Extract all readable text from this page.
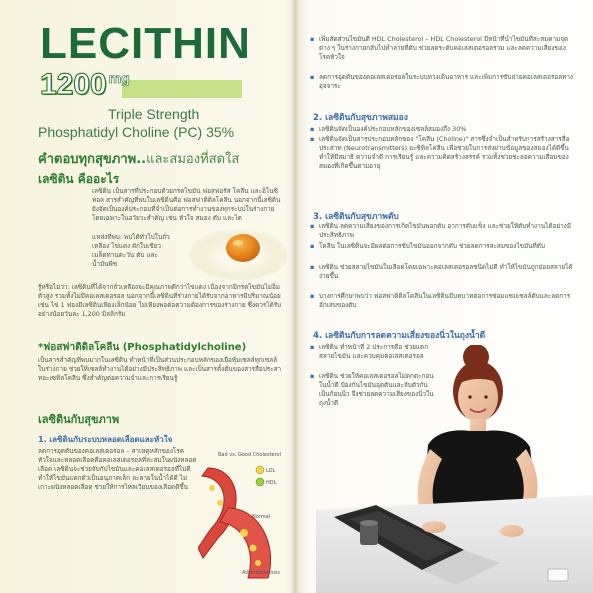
LECITHIN
1200 mg
Triple Strength
Phosphatidyl Choline (PC) 35%
คำตอบทุกสุขภาพ..และสมองที่สดใส
เลซิติน คืออะไร

เลซิติน เป็นสารที่ประกอบด้วยกรดไขมัน ฟอสฟอรัส โคลีน และอิโนซิทอล สารสำคัญที่พบในเลซิตินคือ ฟอสฟาติดิลโคลีน นอกจากนี้เลซิตินยังจัดเป็นองค์ประกอบที่จำเป็นต่อการทำงานของทุกระบบในร่างกาย โดยเฉพาะในอวัยวะสำคัญ เช่น หัวใจ สมอง ตับ และไต

แหล่งที่พบ: พบได้ทั่วไปในถั่วเหลือง ไข่แดง ผักใบเขียว เมล็ดทานตะวัน ตับ และน้ำมันพืช

รู้หรือไม่ว่า: เลซิตินที่ได้จากถั่วเหลืองจะมีคุณภาพดีกว่าไข่แดง เนื่องจากมีกรดไขมันไม่อิ่มตัวสูง รวมทั้งไม่มีคอเลสเตอรอล นอกจากนี้เลซิตินที่ร่างกายได้รับจากอาหารมีปริมาณน้อย เช่น ไข่ 1 ฟองมีเลซิตินเพียงเล็กน้อย ไม่เพียงพอต่อความต้องการของร่างกาย ซึ่งควรได้รับอย่างน้อยวันละ 1,200 มิลลิกรัม

*ฟอสฟาติดิลโคลีน (Phosphatidylcholine)

เป็นสารสำคัญที่พบมากในเลซิติน ทำหน้าที่เป็นส่วนประกอบหลักของเยื่อหุ้มเซลล์ทุกเซลล์ในร่างกาย ช่วยให้เซลล์ทำงานได้อย่างมีประสิทธิภาพ และเป็นสารตั้งต้นของสารสื่อประสาทอะเซทิลโคลีน ซึ่งสำคัญต่อความจำและการเรียนรู้

เลซิตินกับสุขภาพ
1. เลซิตินกับระบบหลอดเลือดและหัวใจ

ลดการอุดตันของคอเลสเตอรอล – สาเหตุหลักของโรคหัวใจและหลอดเลือดคือคอเลสเตอรอลที่สะสมในผนังหลอดเลือด เลซิตินจะช่วยจับกับไขมันและคอเลสเตอรอลที่ไม่ดี ทำให้ไขมันแตกตัวเป็นอนุภาคเล็ก ละลายในน้ำได้ดี ไม่เกาะผนังหลอดเลือด ช่วยให้การไหลเวียนของเลือดดีขึ้น

Bad vs. Good Cholesterol
LDL
HDL
Normal
Atherosclerosis
▪ เพิ่มสัดส่วนไขมันดี HDL Cholesterol – HDL Cholesterol มีหน้าที่นำไขมันที่สะสมตามจุดต่าง ๆ ในร่างกายกลับไปทำลายที่ตับ ช่วยลดระดับคอเลสเตอรอลรวม และลดความเสี่ยงของโรคหัวใจ
▪ ลดการอุดตันของคอเลสเตอรอลในระบบทางเดินอาหาร และเพิ่มการขับถ่ายคอเลสเตอรอลทางอุจจาระ
2. เลซิตินกับสุขภาพสมอง
▪ เลซิตินจัดเป็นองค์ประกอบหลักของเซลล์สมองถึง 30%
▪ เลซิตินจัดเป็นสารประกอบหลักของ "โคลีน (Choline)" สารซึ่งจำเป็นสำหรับการสร้างสารสื่อประสาท (Neurotransmitters) อะซิทิลโคลีน เพื่อช่วยในการส่งผ่านข้อมูลของสมองได้ดีขึ้น ทำให้มีสมาธิ ความจำดี การเรียนรู้ และความคิดสร้างสรรค์ รวมทั้งช่วยชะลอความเสื่อมของสมองที่เกิดขึ้นตามอายุ
3. เลซิตินกับสุขภาพตับ
▪ เลซิติน ลดความเสี่ยงของการเกิดไขมันพอกตับ อาการตับแข็ง และช่วยให้ตับทำงานได้อย่างมีประสิทธิภาพ
▪ โคลีน ในเลซิตินจะมีผลต่อการขับไขมันออกจากตับ ช่วยลดการสะสมของไขมันที่ตับ
▪ เลซิติน ช่วยสลายไขมันในเลือดโดยเฉพาะคอเลสเตอรอลชนิดไม่ดี ทำให้ไขมันถูกย่อยสลายได้ง่ายขึ้น
▪ บางการศึกษาพบว่า ฟอสฟาติดิลโคลีนในเลซิตินมีบทบาทต่อการซ่อมแซมเซลล์ตับและลดการอักเสบของตับ
4. เลซิตินกับการลดความเสี่ยงของนิ่วในถุงน้ำดี
▪ เลซิติน ทำหน้าที่ 2 ประการคือ ช่วยแตกสลายไขมัน และควบคุมคอเลสเตอรอล
▪ เลซิติน ช่วยให้คอเลสเตอรอลไม่ตกตะกอนในน้ำดี ป้องกันไขมันอุดตันและจับตัวกันเป็นก้อนนิ่ว จึงช่วยลดความเสี่ยงของนิ่วในถุงน้ำดี
